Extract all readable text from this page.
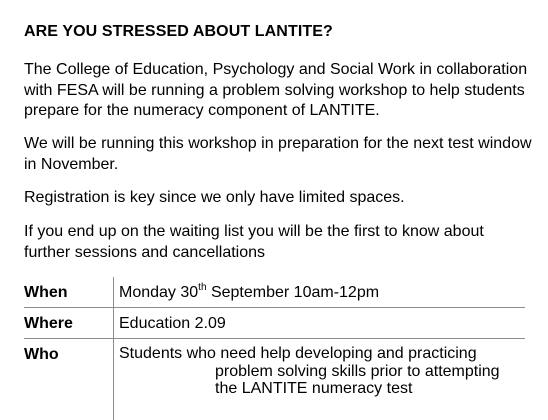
ARE YOU STRESSED ABOUT LANTITE?
The College of Education, Psychology and Social Work in collaboration with FESA will be running a problem solving workshop to help students prepare for the numeracy component of LANTITE.
We will be running this workshop in preparation for the next test window in November.
Registration is key since we only have limited spaces.
If you end up on the waiting list you will be the first to know about further sessions and cancellations
When	Monday 30th September 10am-12pm
Where	Education 2.09
Who	Students who need help developing and practicing
problem solving skills prior to attempting
the LANTITE numeracy test
